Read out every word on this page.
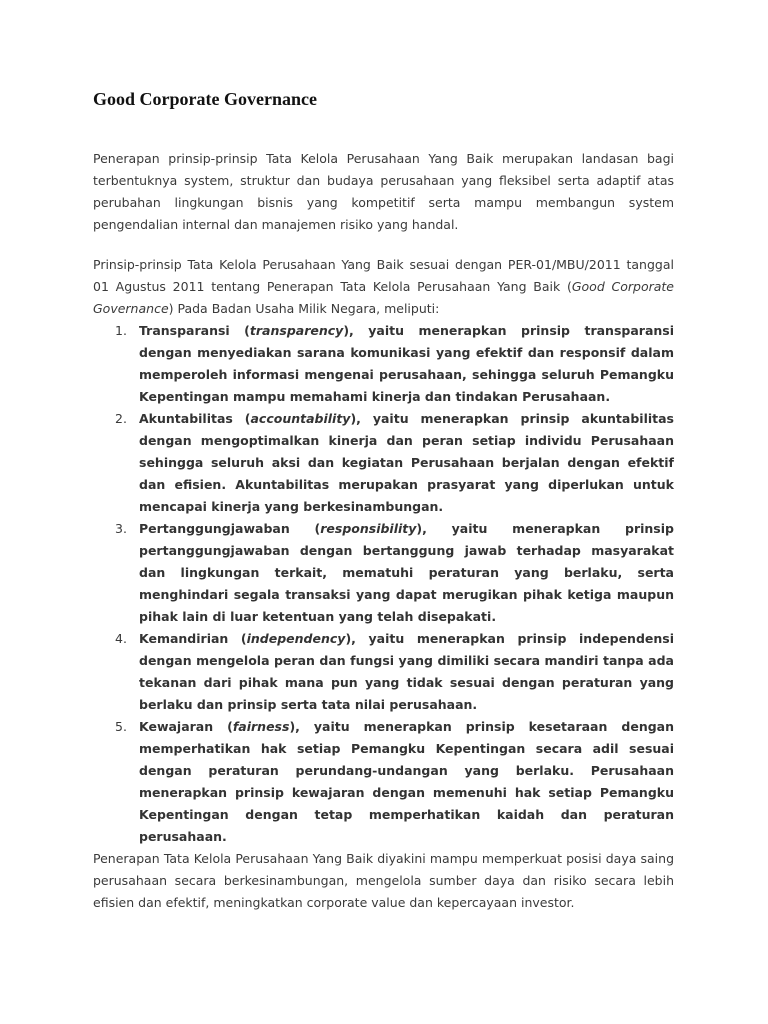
Good Corporate Governance

Penerapan prinsip-prinsip Tata Kelola Perusahaan Yang Baik merupakan landasan bagi terbentuknya system, struktur dan budaya perusahaan yang fleksibel serta adaptif atas perubahan lingkungan bisnis yang kompetitif serta mampu membangun system pengendalian internal dan manajemen risiko yang handal.

Prinsip-prinsip Tata Kelola Perusahaan Yang Baik sesuai dengan PER-01/MBU/2011 tanggal 01 Agustus 2011 tentang Penerapan Tata Kelola Perusahaan Yang Baik (Good Corporate Governance) Pada Badan Usaha Milik Negara, meliputi:

1. Transparansi (transparency), yaitu menerapkan prinsip transparansi dengan menyediakan sarana komunikasi yang efektif dan responsif dalam memperoleh informasi mengenai perusahaan, sehingga seluruh Pemangku Kepentingan mampu memahami kinerja dan tindakan Perusahaan.
2. Akuntabilitas (accountability), yaitu menerapkan prinsip akuntabilitas dengan mengoptimalkan kinerja dan peran setiap individu Perusahaan sehingga seluruh aksi dan kegiatan Perusahaan berjalan dengan efektif dan efisien. Akuntabilitas merupakan prasyarat yang diperlukan untuk mencapai kinerja yang berkesinambungan.
3. Pertanggungjawaban (responsibility), yaitu menerapkan prinsip pertanggungjawaban dengan bertanggung jawab terhadap masyarakat dan lingkungan terkait, mematuhi peraturan yang berlaku, serta menghindari segala transaksi yang dapat merugikan pihak ketiga maupun pihak lain di luar ketentuan yang telah disepakati.
4. Kemandirian (independency), yaitu menerapkan prinsip independensi dengan mengelola peran dan fungsi yang dimiliki secara mandiri tanpa ada tekanan dari pihak mana pun yang tidak sesuai dengan peraturan yang berlaku dan prinsip serta tata nilai perusahaan.
5. Kewajaran (fairness), yaitu menerapkan prinsip kesetaraan dengan memperhatikan hak setiap Pemangku Kepentingan secara adil sesuai dengan peraturan perundang-undangan yang berlaku. Perusahaan menerapkan prinsip kewajaran dengan memenuhi hak setiap Pemangku Kepentingan dengan tetap memperhatikan kaidah dan peraturan perusahaan.

Penerapan Tata Kelola Perusahaan Yang Baik diyakini mampu memperkuat posisi daya saing perusahaan secara berkesinambungan, mengelola sumber daya dan risiko secara lebih efisien dan efektif, meningkatkan corporate value dan kepercayaan investor.
